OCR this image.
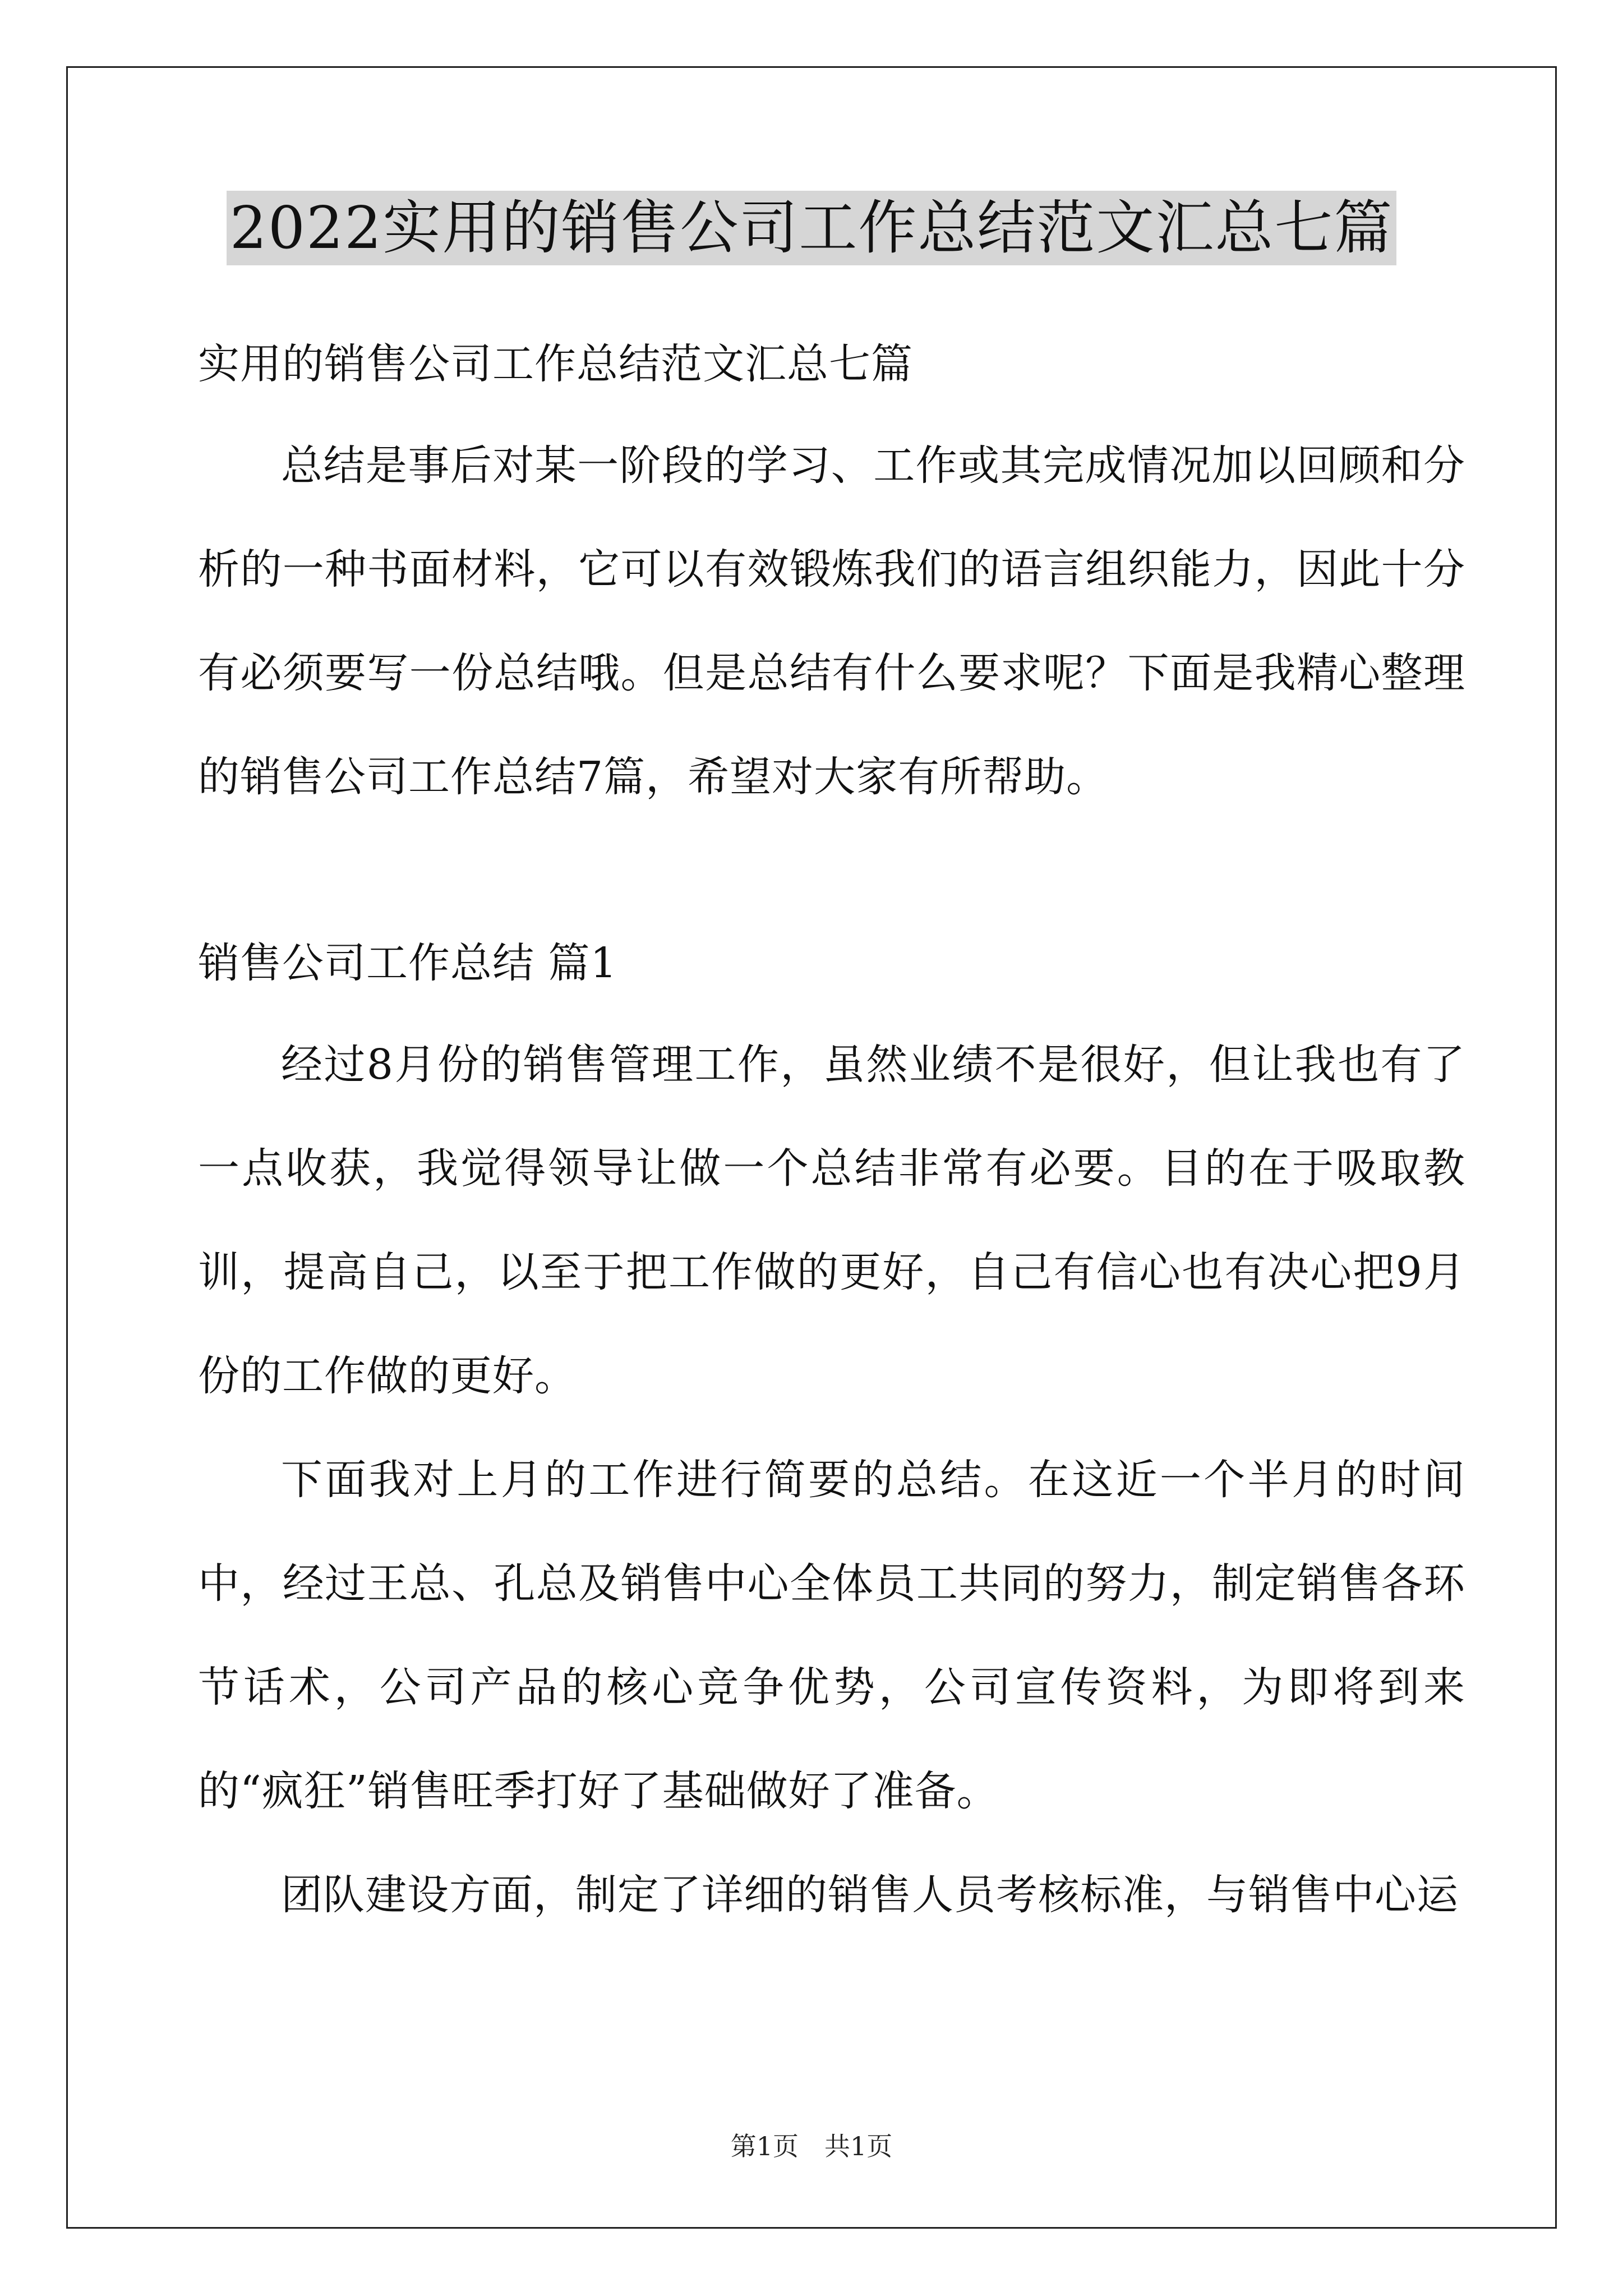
2022实用的销售公司工作总结范文汇总七篇
实用的销售公司工作总结范文汇总七篇

总结是事后对某一阶段的学习、工作或其完成情况加以回顾和分析的一种书面材料，它可以有效锻炼我们的语言组织能力，因此十分有必须要写一份总结哦。但是总结有什么要求呢？下面是我精心整理的销售公司工作总结7篇，希望对大家有所帮助。

销售公司工作总结 篇1

经过8月份的销售管理工作，虽然业绩不是很好，但让我也有了一点收获，我觉得领导让做一个总结非常有必要。目的在于吸取教训，提高自己，以至于把工作做的更好，自己有信心也有决心把9月份的工作做的更好。

下面我对上月的工作进行简要的总结。在这近一个半月的时间中，经过王总、孔总及销售中心全体员工共同的努力，制定销售各环节话术，公司产品的核心竞争优势，公司宣传资料，为即将到来的“疯狂”销售旺季打好了基础做好了准备。

团队建设方面，制定了详细的销售人员考核标准，与销售中心运

第1页　共1页
